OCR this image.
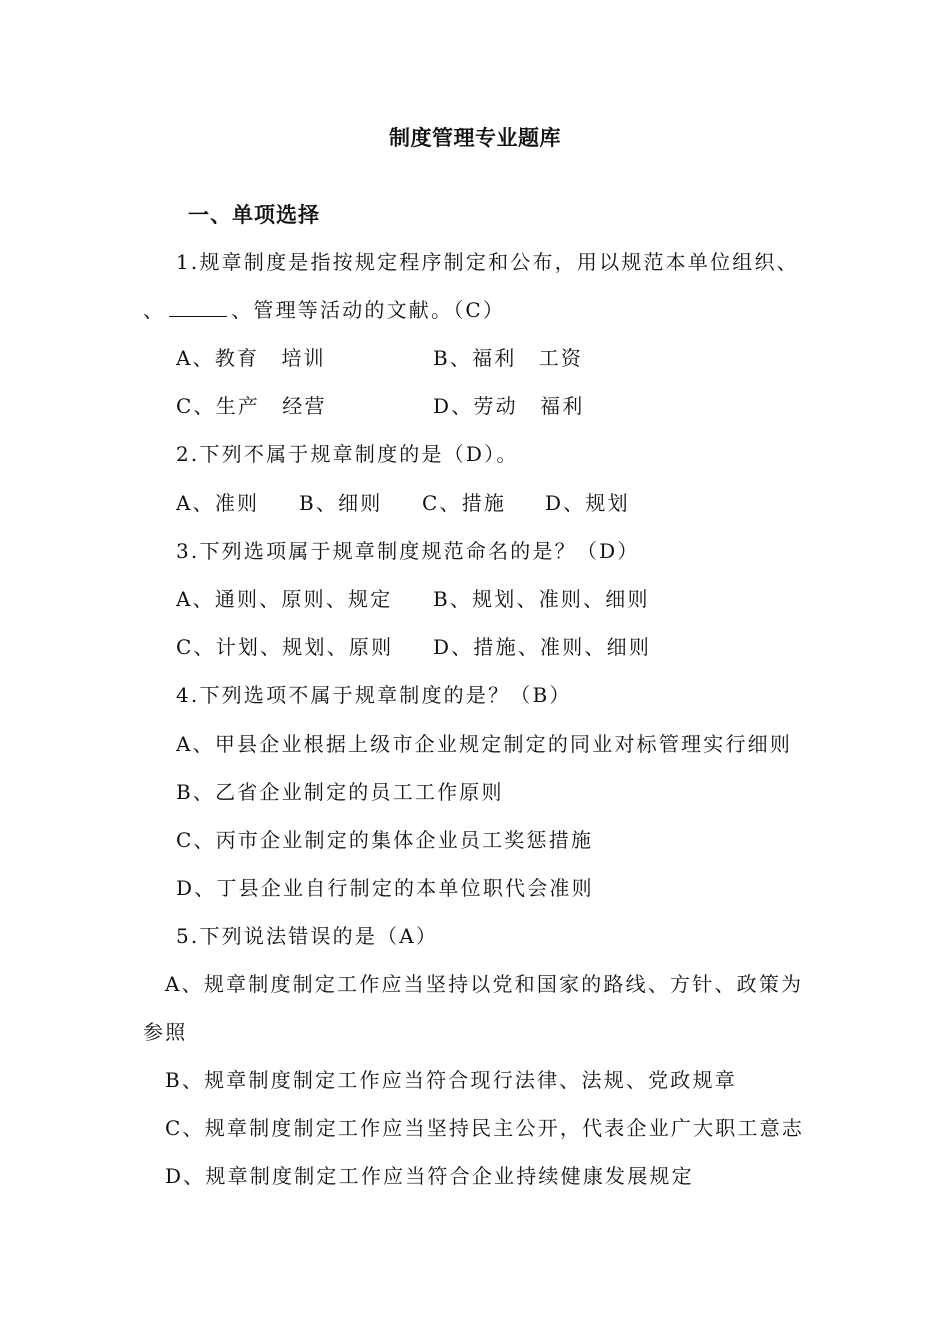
制度管理专业题库
一、单项选择
1.规章制度是指按规定程序制定和公布，用以规范本单位组织、
、	、管理等活动的文献。（C）
A、教育　培训	B、福利　工资
C、生产　经营	D、劳动　福利
2.下列不属于规章制度的是（D）。
A、准则 B、细则 C、措施 D、规划
3.下列选项属于规章制度规范命名的是？（D）
A、通则、原则、规定 B、规划、准则、细则
C、计划、规划、原则 D、措施、准则、细则
4.下列选项不属于规章制度的是？（B）
A、甲县企业根据上级市企业规定制定的同业对标管理实行细则
B、乙省企业制定的员工工作原则
C、丙市企业制定的集体企业员工奖惩措施
D、丁县企业自行制定的本单位职代会准则
5.下列说法错误的是（A）
A、规章制度制定工作应当坚持以党和国家的路线、方针、政策为
参照
B、规章制度制定工作应当符合现行法律、法规、党政规章
C、规章制度制定工作应当坚持民主公开，代表企业广大职工意志
D、规章制度制定工作应当符合企业持续健康发展规定
